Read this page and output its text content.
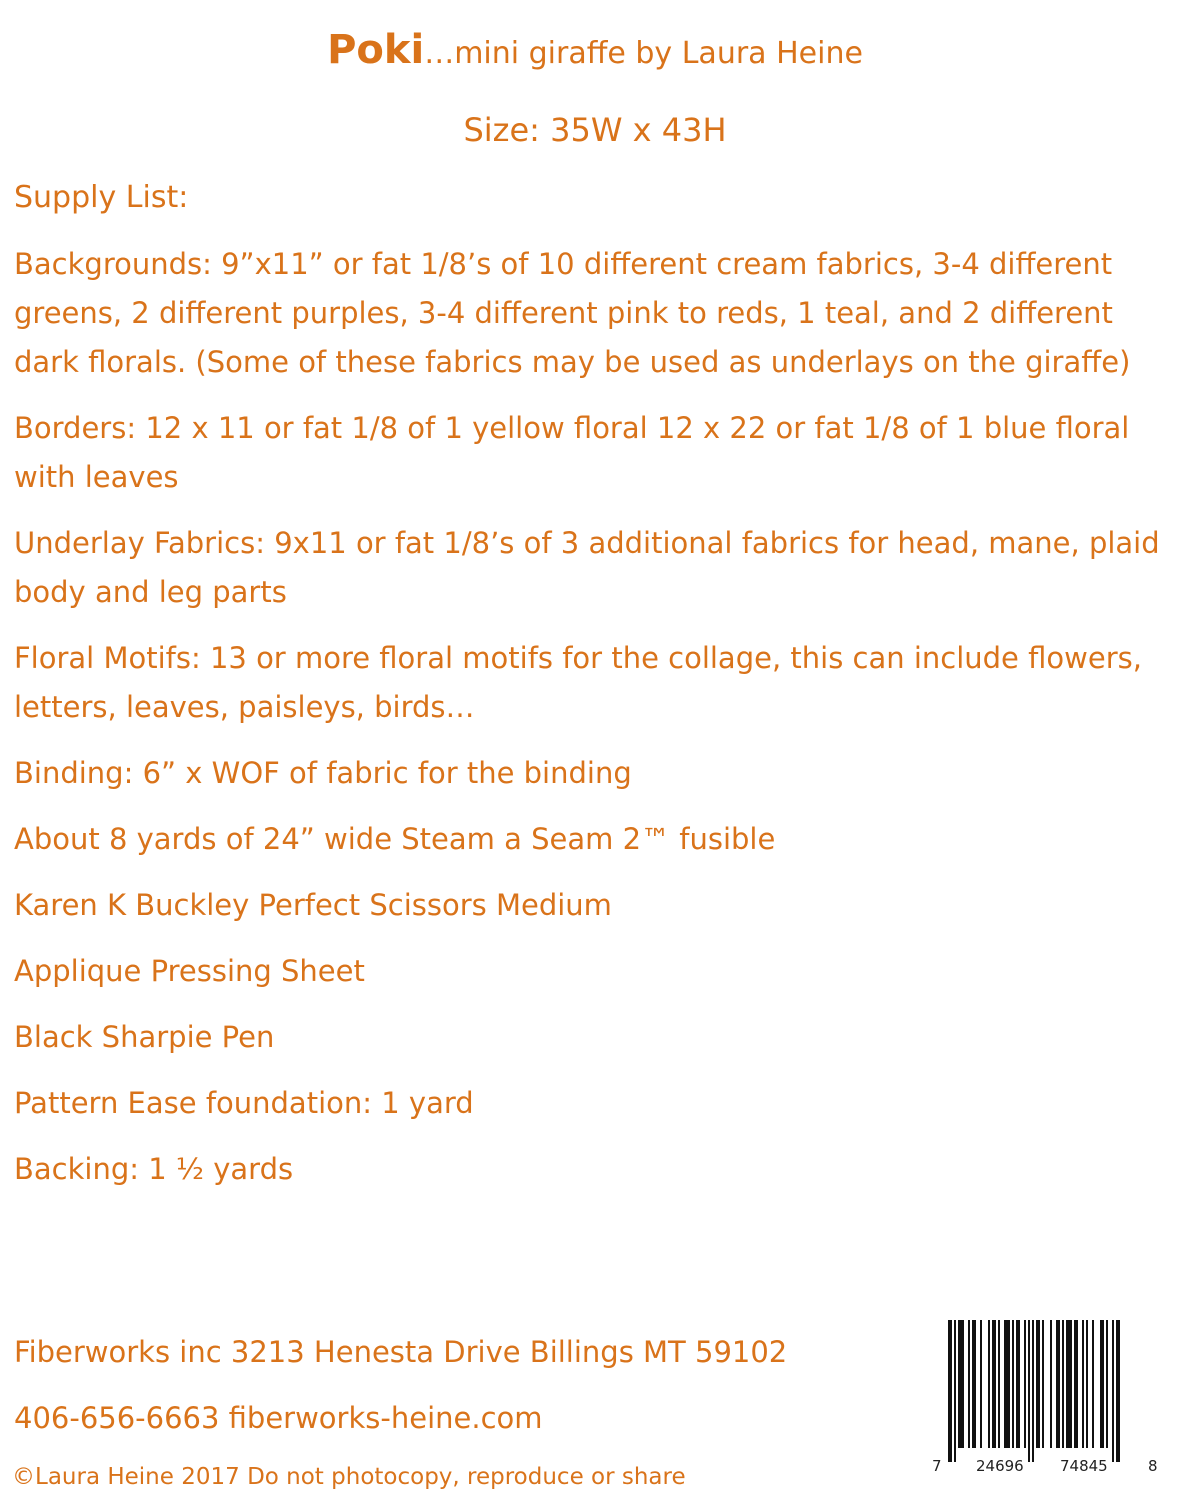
Poki…mini giraffe by Laura Heine
Size: 35W x 43H
Supply List:
Backgrounds: 9”x11” or fat 1/8’s of 10 different cream fabrics, 3-4 different greens, 2 different purples, 3-4 different pink to reds, 1 teal, and 2 different dark florals. (Some of these fabrics may be used as underlays on the giraffe)
Borders: 12 x 11 or fat 1/8 of 1 yellow floral 12 x 22 or fat 1/8 of 1 blue floral with leaves
Underlay Fabrics: 9x11 or fat 1/8’s of 3 additional fabrics for head, mane, plaid body and leg parts
Floral Motifs: 13 or more floral motifs for the collage, this can include flowers, letters, leaves, paisleys, birds…
Binding: 6” x WOF of fabric for the binding
About 8 yards of 24” wide Steam a Seam 2™ fusible
Karen K Buckley Perfect Scissors Medium
Applique Pressing Sheet
Black Sharpie Pen
Pattern Ease foundation: 1 yard
Backing: 1 ½ yards
Fiberworks inc 3213 Henesta Drive Billings MT 59102
406-656-6663 fiberworks-heine.com
©Laura Heine 2017 Do not photocopy, reproduce or share	7 24696 74845	8
